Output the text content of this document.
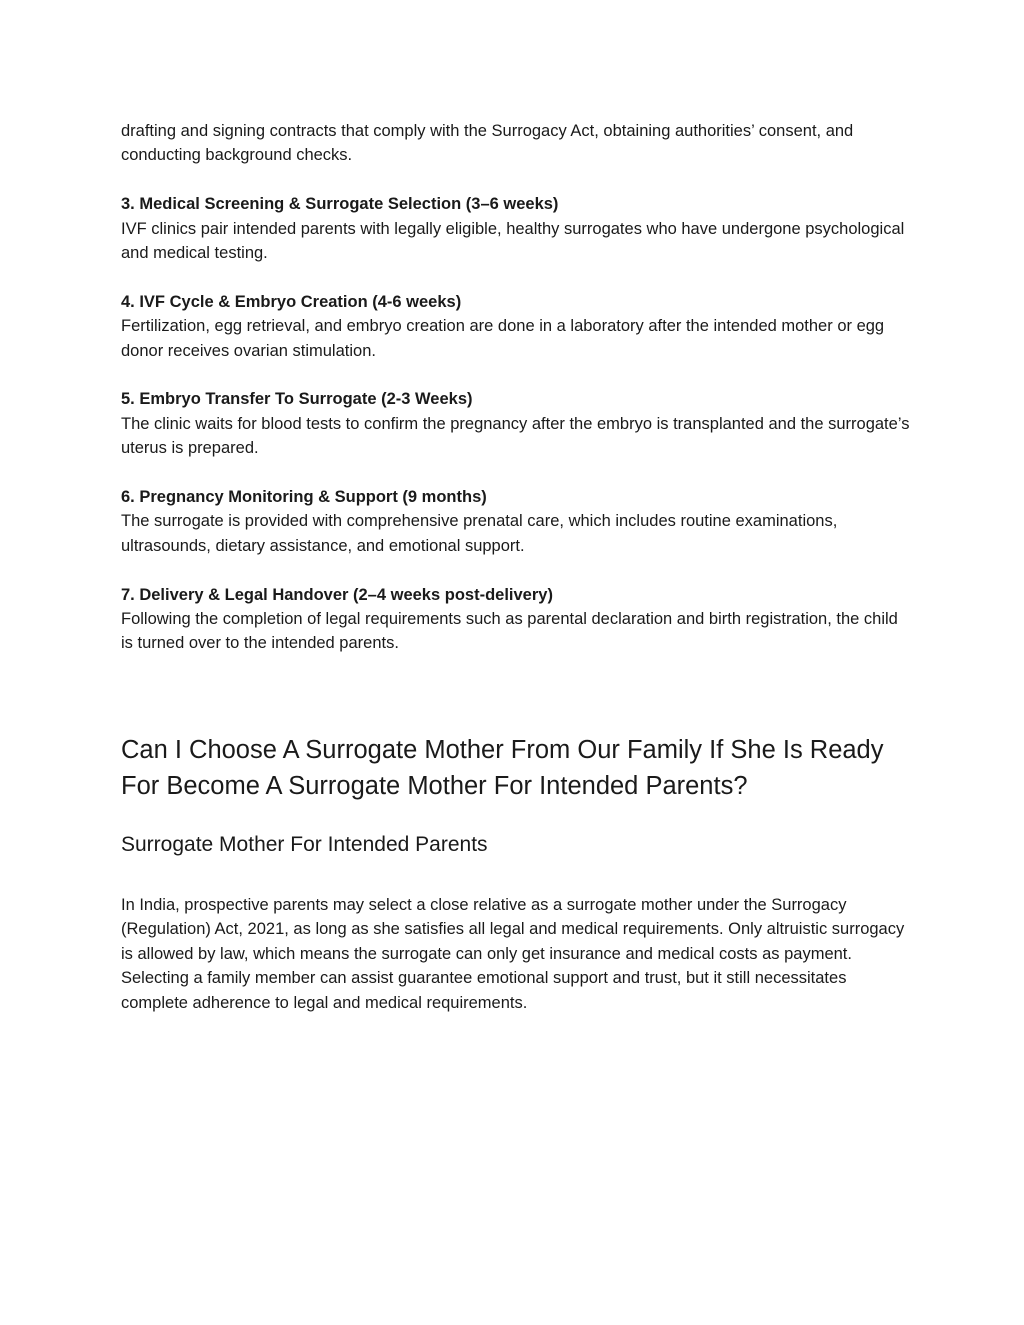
drafting and signing contracts that comply with the Surrogacy Act, obtaining authorities’ consent, and conducting background checks.

3. Medical Screening & Surrogate Selection (3–6 weeks)

IVF clinics pair intended parents with legally eligible, healthy surrogates who have undergone psychological and medical testing.

4. IVF Cycle & Embryo Creation (4-6 weeks)

Fertilization, egg retrieval, and embryo creation are done in a laboratory after the intended mother or egg donor receives ovarian stimulation.

5. Embryo Transfer To Surrogate (2-3 Weeks)

The clinic waits for blood tests to confirm the pregnancy after the embryo is transplanted and the surrogate’s uterus is prepared.

6. Pregnancy Monitoring & Support (9 months)

The surrogate is provided with comprehensive prenatal care, which includes routine examinations, ultrasounds, dietary assistance, and emotional support.

7. Delivery & Legal Handover (2–4 weeks post-delivery)

Following the completion of legal requirements such as parental declaration and birth registration, the child is turned over to the intended parents.

Can I Choose A Surrogate Mother From Our Family If She Is Ready For Become A Surrogate Mother For Intended Parents?
Surrogate Mother For Intended Parents

In India, prospective parents may select a close relative as a surrogate mother under the Surrogacy (Regulation) Act, 2021, as long as she satisfies all legal and medical requirements. Only altruistic surrogacy is allowed by law, which means the surrogate can only get insurance and medical costs as payment. Selecting a family member can assist guarantee emotional support and trust, but it still necessitates complete adherence to legal and medical requirements.
